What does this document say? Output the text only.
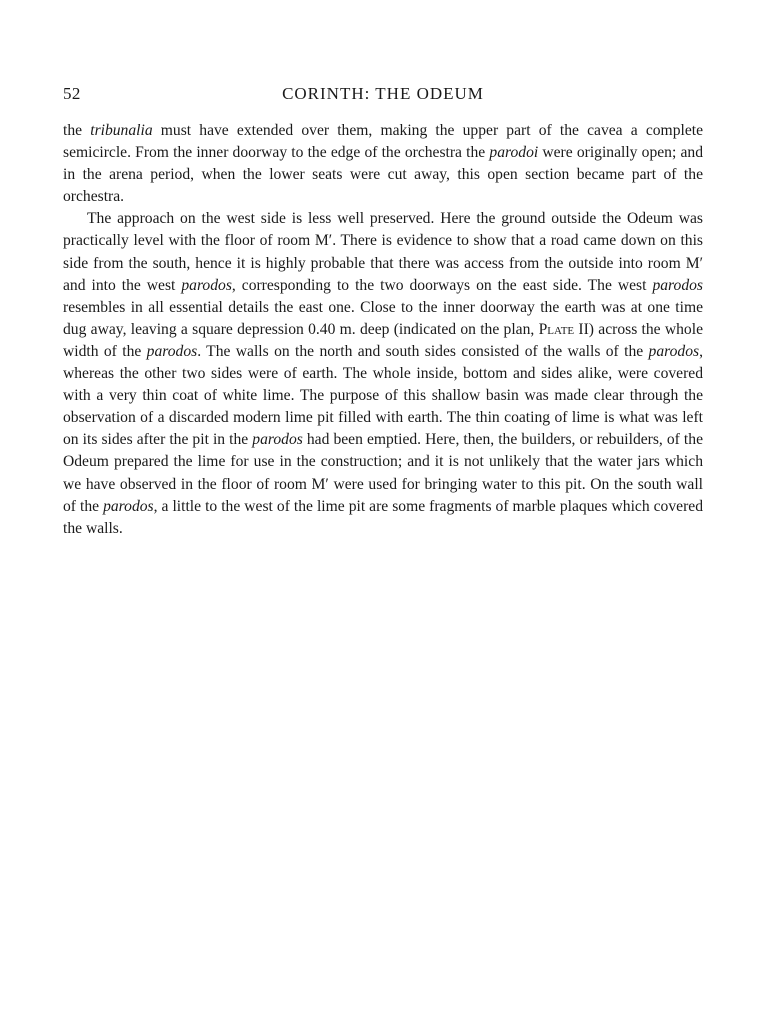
52	CORINTH: THE ODEUM

the tribunalia must have extended over them, making the upper part of the cavea a complete semicircle. From the inner doorway to the edge of the orchestra the parodoi were originally open; and in the arena period, when the lower seats were cut away, this open section became part of the orchestra.

The approach on the west side is less well preserved. Here the ground outside the Odeum was practically level with the floor of room M′. There is evidence to show that a road came down on this side from the south, hence it is highly probable that there was access from the outside into room M′ and into the west parodos, corresponding to the two doorways on the east side. The west parodos resembles in all essential details the east one. Close to the inner doorway the earth was at one time dug away, leaving a square depression 0.40 m. deep (indicated on the plan, Plate II) across the whole width of the parodos. The walls on the north and south sides consisted of the walls of the parodos, whereas the other two sides were of earth. The whole inside, bottom and sides alike, were covered with a very thin coat of white lime. The purpose of this shallow basin was made clear through the observation of a discarded modern lime pit filled with earth. The thin coating of lime is what was left on its sides after the pit in the parodos had been emptied. Here, then, the builders, or rebuilders, of the Odeum prepared the lime for use in the construction; and it is not unlikely that the water jars which we have observed in the floor of room M′ were used for bringing water to this pit. On the south wall of the parodos, a little to the west of the lime pit are some fragments of marble plaques which covered the walls.
